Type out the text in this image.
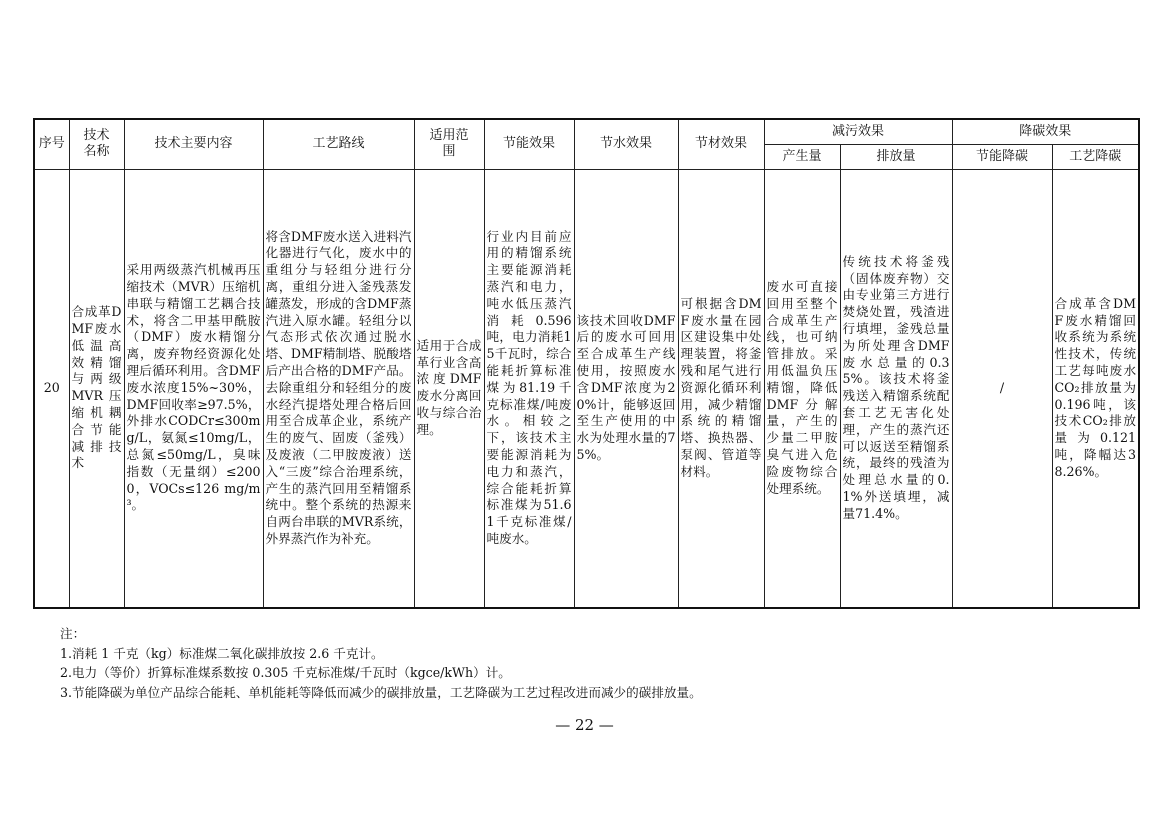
序号	技术名称	技术主要内容	工艺路线	适用范围	节能效果	节水效果	节材效果	减污效果		降碳效果	
								产生量	排放量	节能降碳	工艺降碳
20	合成革DMF废水低温高效精馏与两级MVR压缩机耦合节能减排技术	采用两级蒸汽机械再压缩技术（MVR）压缩机串联与精馏工艺耦合技术，将含二甲基甲酰胺（DMF）废水精馏分离，废弃物经资源化处理后循环利用。含DMF废水浓度15%~30%，DMF回收率≥97.5%，外排水CODCr≤300mg/L，氨氮≤10mg/L，总氮≤50mg/L，臭味指数（无量纲）≤2000，VOCs≤126 mg/m³。	将含DMF废水送入进料汽化器进行气化，废水中的重组分与轻组分进行分离，重组分进入釜残蒸发罐蒸发，形成的含DMF蒸汽进入原水罐。轻组分以气态形式依次通过脱水塔、DMF精制塔、脱酸塔后产出合格的DMF产品。去除重组分和轻组分的废水经汽提塔处理合格后回用至合成革企业，系统产生的废气、固废（釜残）及废液（二甲胺废液）送入“三废”综合治理系统，产生的蒸汽回用至精馏系统中。整个系统的热源来自两台串联的MVR系统，外界蒸汽作为补充。	适用于合成革行业含高浓度DMF废水分离回收与综合治理。	行业内目前应用的精馏系统主要能源消耗蒸汽和电力，吨水低压蒸汽消耗0.596吨，电力消耗15千瓦时，综合能耗折算标准煤为81.19千克标准煤/吨废水。相较之下，该技术主要能源消耗为电力和蒸汽，综合能耗折算标准煤为51.61千克标准煤/吨废水。	该技术回收DMF后的废水可回用至合成革生产线使用，按照废水含DMF浓度为20%计，能够返回至生产使用的中水为处理水量的75%。	可根据含DMF废水量在园区建设集中处理装置，将釜残和尾气进行资源化循环利用，减少精馏系统的精馏塔、换热器、泵阀、管道等材料。	废水可直接回用至整个合成革生产线，也可纳管排放。采用低温负压精馏，降低DMF分解量，产生的少量二甲胺臭气进入危险废物综合处理系统。	传统技术将釜残（固体废弃物）交由专业第三方进行焚烧处置，残渣进行填埋，釜残总量为所处理含DMF废水总量的0.35%。该技术将釜残送入精馏系统配套工艺无害化处理，产生的蒸汽还可以返送至精馏系统，最终的残渣为处理总水量的0.1%外送填埋，减量71.4%。	/	合成革含DMF废水精馏回收系统为系统性技术，传统工艺每吨废水CO₂排放量为0.196吨，该技术CO₂排放量为0.121吨，降幅达38.26%。
注：
1.消耗 1 千克（kg）标准煤二氧化碳排放按 2.6 千克计。
2.电力（等价）折算标准煤系数按 0.305 千克标准煤/千瓦时（kgce/kWh）计。
3.节能降碳为单位产品综合能耗、单机能耗等降低而减少的碳排放量，工艺降碳为工艺过程改进而减少的碳排放量。
— 22 —
